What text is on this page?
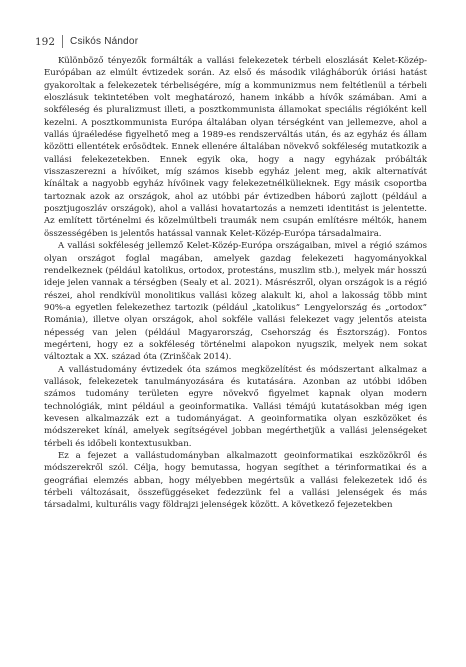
192	Csikós Nándor

Különböző tényezők formálták a vallási felekezetek térbeli eloszlását Kelet-Közép-Európában az elmúlt évtizedek során. Az első és második világháborúk óriási hatást gyakoroltak a felekezetek térbeliségére, míg a kommunizmus nem feltétlenül a térbeli eloszlásuk tekintetében volt meghatározó, hanem inkább a hívők számában. Ami a sokféleség és pluralizmust illeti, a posztkommunista államokat speciális régióként kell kezelni. A posztkommunista Európa általában olyan térségként van jellemezve, ahol a vallás újraéledése figyelhető meg a 1989-es rendszerváltás után, és az egyház és állam közötti ellentétek erősödtek. Ennek ellenére általában növekvő sokféleség mutatkozik a vallási felekezetekben. Ennek egyik oka, hogy a nagy egyházak próbálták visszaszerezni a hívőiket, míg számos kisebb egyház jelent meg, akik alternatívát kínáltak a nagyobb egyház hívőinek vagy felekezetnélkülieknek. Egy másik csoportba tartoznak azok az országok, ahol az utóbbi pár évtizedben háború zajlott (például a posztjugoszláv országok), ahol a vallási hovatartozás a nemzeti identitást is jelentette. Az említett történelmi és közelmúltbeli traumák nem csupán említésre méltók, hanem összességében is jelentős hatással vannak Kelet-Közép-Európa társadalmaira.

A vallási sokféleség jellemző Kelet-Közép-Európa országaiban, mivel a régió számos olyan országot foglal magában, amelyek gazdag felekezeti hagyományokkal rendelkeznek (például katolikus, ortodox, protestáns, muszlim stb.), melyek már hosszú ideje jelen vannak a térségben (Sealy et al. 2021). Másrészről, olyan országok is a régió részei, ahol rendkívül monolitikus vallási közeg alakult ki, ahol a lakosság több mint 90%-a egyetlen felekezethez tartozik (például „katolikus” Lengyelország és „ortodox” Románia), illetve olyan országok, ahol sokféle vallási felekezet vagy jelentős ateista népesség van jelen (például Magyarország, Csehország és Észtország). Fontos megérteni, hogy ez a sokféleség történelmi alapokon nyugszik, melyek nem sokat változtak a XX. század óta (Zrinščak 2014).

A vallástudomány évtizedek óta számos megközelítést és módszertant alkalmaz a vallások, felekezetek tanulmányozására és kutatására. Azonban az utóbbi időben számos tudomány területen egyre növekvő figyelmet kapnak olyan modern technológiák, mint például a geoinformatika. Vallási témájú kutatásokban még igen kevesen alkalmazzák ezt a tudományágat. A geoinformatika olyan eszközöket és módszereket kínál, amelyek segítségével jobban megérthetjük a vallási jelenségeket térbeli és időbeli kontextusukban.

Ez a fejezet a vallástudományban alkalmazott geoinformatikai eszközökről és módszerekről szól. Célja, hogy bemutassa, hogyan segíthet a térinformatikai és a geográfiai elemzés abban, hogy mélyebben megértsük a vallási felekezetek idő és térbeli változásait, összefüggéseket fedezzünk fel a vallási jelenségek és más társadalmi, kulturális vagy földrajzi jelenségek között. A következő fejezetekben
